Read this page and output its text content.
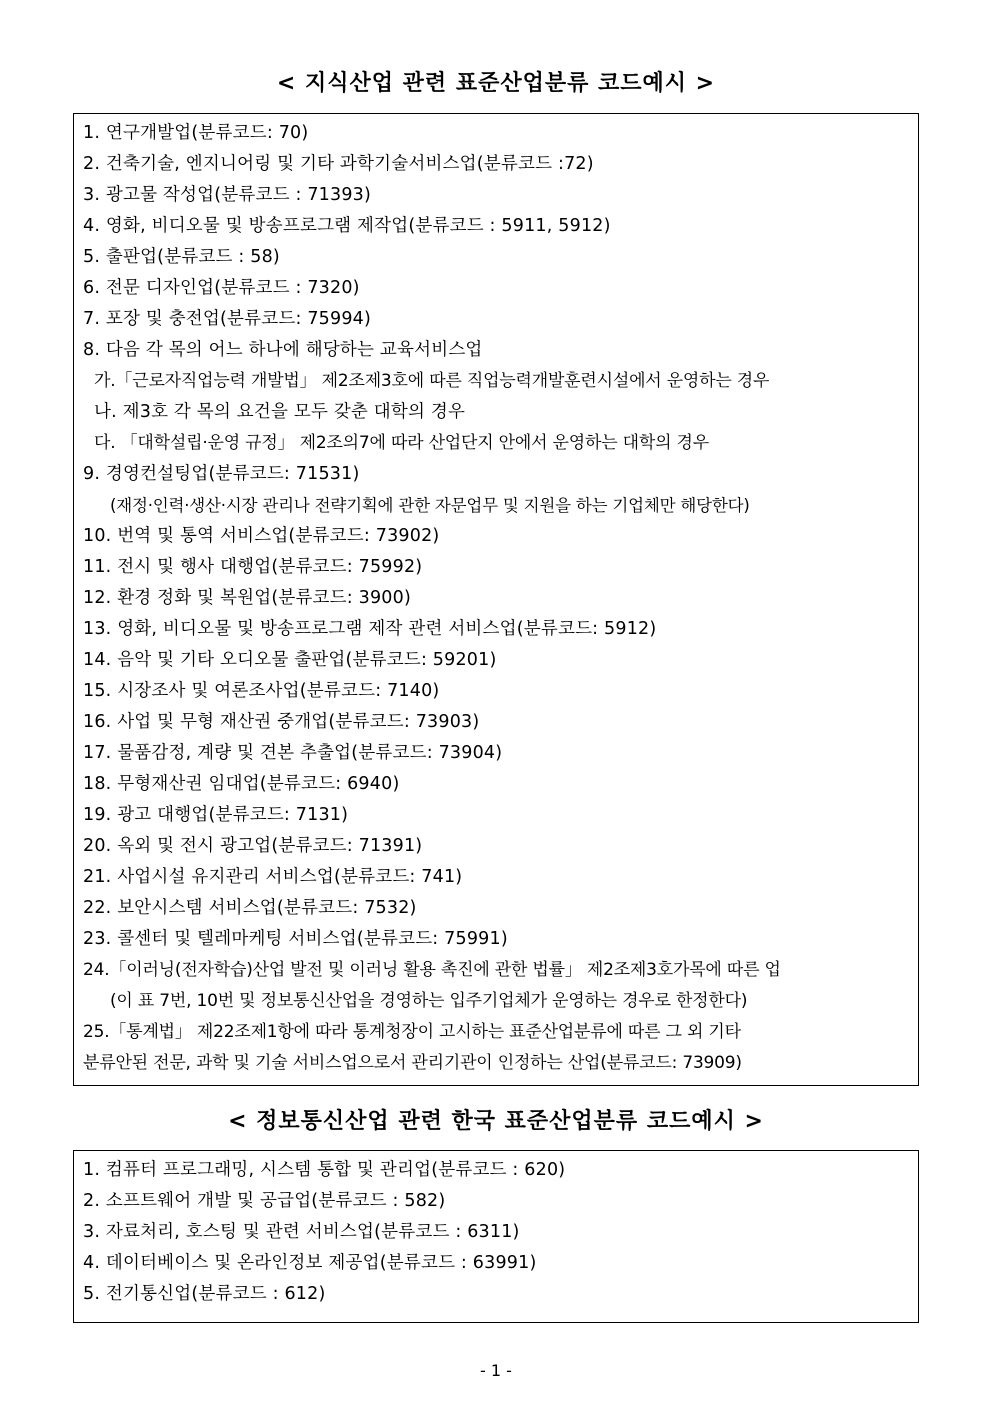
< 지식산업 관련 표준산업분류 코드예시 >
1. 연구개발업(분류코드: 70)
2. 건축기술, 엔지니어링 및 기타 과학기술서비스업(분류코드 :72)
3. 광고물 작성업(분류코드 : 71393)
4. 영화, 비디오물 및 방송프로그램 제작업(분류코드 : 5911, 5912)
5. 출판업(분류코드 : 58)
6. 전문 디자인업(분류코드 : 7320)
7. 포장 및 충전업(분류코드: 75994)
8. 다음 각 목의 어느 하나에 해당하는 교육서비스업
가.「근로자직업능력 개발법」 제2조제3호에 따른 직업능력개발훈련시설에서 운영하는 경우
나. 제3호 각 목의 요건을 모두 갖춘 대학의 경우
다. 「대학설립·운영 규정」 제2조의7에 따라 산업단지 안에서 운영하는 대학의 경우
9. 경영컨설팅업(분류코드: 71531)
(재정·인력·생산·시장 관리나 전략기획에 관한 자문업무 및 지원을 하는 기업체만 해당한다)
10. 번역 및 통역 서비스업(분류코드: 73902)
11. 전시 및 행사 대행업(분류코드: 75992)
12. 환경 정화 및 복원업(분류코드: 3900)
13. 영화, 비디오물 및 방송프로그램 제작 관련 서비스업(분류코드: 5912)
14. 음악 및 기타 오디오물 출판업(분류코드: 59201)
15. 시장조사 및 여론조사업(분류코드: 7140)
16. 사업 및 무형 재산권 중개업(분류코드: 73903)
17. 물품감정, 계량 및 견본 추출업(분류코드: 73904)
18. 무형재산권 임대업(분류코드: 6940)
19. 광고 대행업(분류코드: 7131)
20. 옥외 및 전시 광고업(분류코드: 71391)
21. 사업시설 유지관리 서비스업(분류코드: 741)
22. 보안시스템 서비스업(분류코드: 7532)
23. 콜센터 및 텔레마케팅 서비스업(분류코드: 75991)
24.「이러닝(전자학습)산업 발전 및 이러닝 활용 촉진에 관한 법률」 제2조제3호가목에 따른 업
(이 표 7번, 10번 및 정보통신산업을 경영하는 입주기업체가 운영하는 경우로 한정한다)
25.「통계법」 제22조제1항에 따라 통계청장이 고시하는 표준산업분류에 따른 그 외 기타
분류안된 전문, 과학 및 기술 서비스업으로서 관리기관이 인정하는 산업(분류코드: 73909)
< 정보통신산업 관련 한국 표준산업분류 코드예시 >
1. 컴퓨터 프로그래밍, 시스템 통합 및 관리업(분류코드 : 620)
2. 소프트웨어 개발 및 공급업(분류코드 : 582)
3. 자료처리, 호스팅 및 관련 서비스업(분류코드 : 6311)
4. 데이터베이스 및 온라인정보 제공업(분류코드 : 63991)
5. 전기통신업(분류코드 : 612)
- 1 -
